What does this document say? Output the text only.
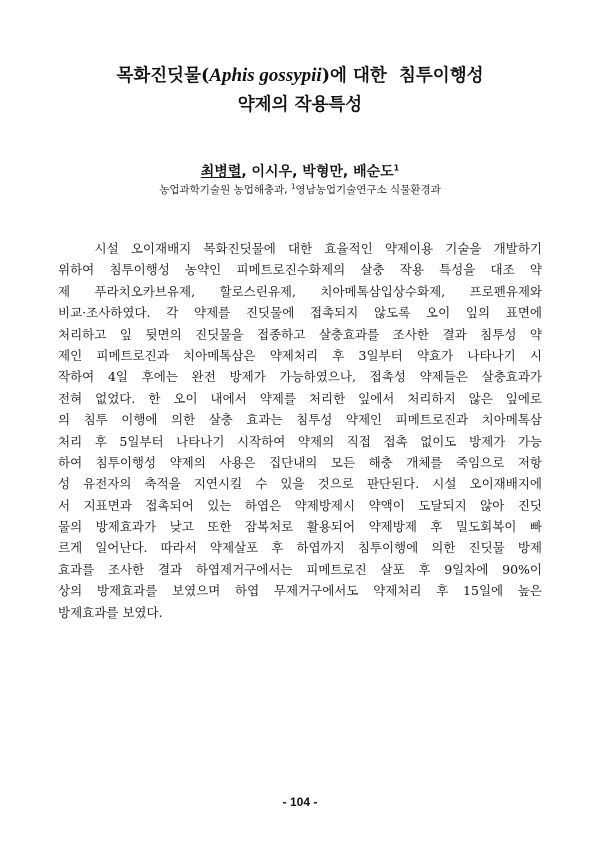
목화진딧물(Aphis gossypii)에 대한  침투이행성
약제의 작용특성
최병렬, 이시우, 박형만, 배순도$^1$
농업과학기술원 농업해충과, $^1$영남농업기술연구소 식물환경과
시설 오이재배지 목화진딧물에 대한 효율적인 약제이용 기술을 개발하기
위하여 침투이행성 농약인 피메트로진수화제의 살충 작용 특성을 대조 약
제 푸라치오카브유제, 할로스린유제, 치아메톡삼입상수화제, 프로펜유제와
비교·조사하였다. 각 약제를 진딧물에 접촉되지 않도록 오이 잎의 표면에
처리하고 잎 뒷면의 진딧물을 접종하고 살충효과를 조사한 결과 침투성 약
제인 피메트로진과 치아메톡삼은 약제처리 후 3일부터 약효가 나타나기 시
작하여 4일 후에는 완전 방제가 가능하였으나, 접촉성 약제들은 살충효과가
전혀 없었다. 한 오이 내에서 약제를 처리한 잎에서 처리하지 않은 잎에로
의 침투 이행에 의한 살충 효과는 침투성 약제인 피메트로진과 치아메톡삼
처리 후 5일부터 나타나기 시작하여 약제의 직접 접촉 없이도 방제가 가능
하여 침투이행성 약제의 사용은 집단내의 모든 해충 개체를 죽임으로 저항
성 유전자의 축적을 지연시킬 수 있을 것으로 판단된다. 시설 오이재배지에
서 지표면과 접촉되어 있는 하엽은 약제방제시 약액이 도달되지 않아 진딧
물의 방제효과가 낮고 또한 잠복처로 활용되어 약제방제 후 밀도회복이 빠
르게 일어난다. 따라서 약제살포 후 하엽까지 침투이행에 의한 진딧물 방제
효과를 조사한 결과 하엽제거구에서는 피메트로진 살포 후 9일차에 90%이
상의 방제효과를 보였으며 하엽 무제거구에서도 약제처리 후 15일에 높은
방제효과를 보였다.
- 104 -
